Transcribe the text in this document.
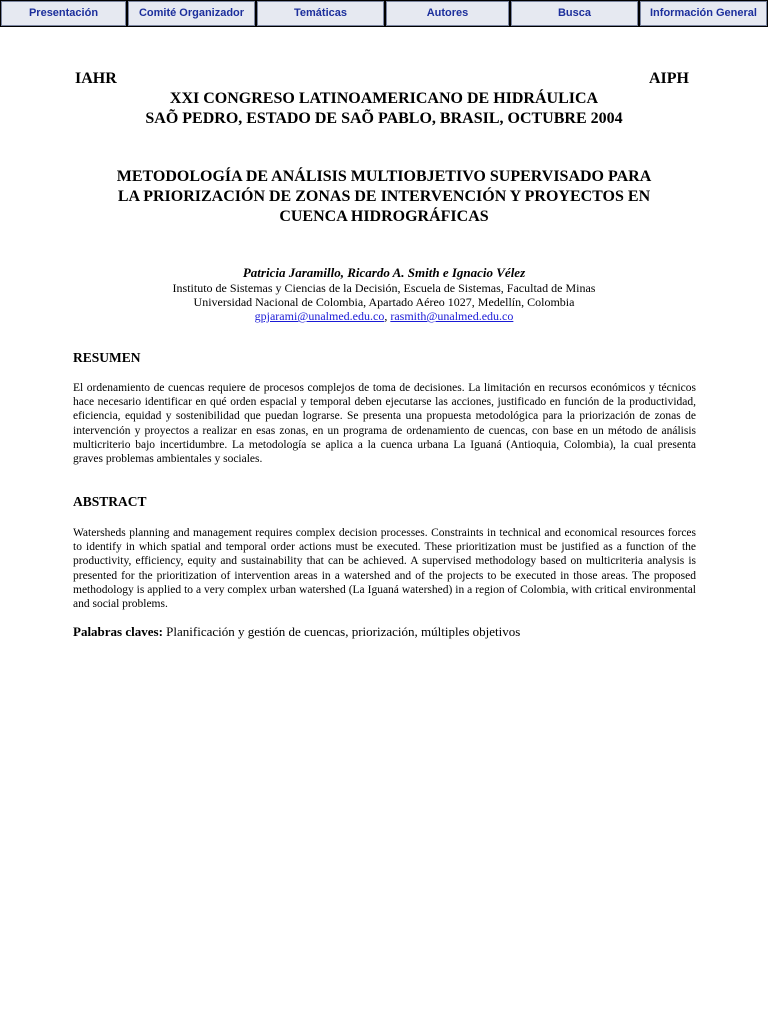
Presentación	Comité Organizador	Temáticas	Autores	Busca	Información General
IAHR	AIPH
XXI CONGRESO LATINOAMERICANO DE HIDRÁULICA
SAÕ PEDRO, ESTADO DE SAÕ PABLO, BRASIL, OCTUBRE 2004
METODOLOGÍA DE ANÁLISIS MULTIOBJETIVO SUPERVISADO PARA
LA PRIORIZACIÓN DE ZONAS DE INTERVENCIÓN Y PROYECTOS EN
CUENCA HIDROGRÁFICAS
Patricia Jaramillo, Ricardo A. Smith e Ignacio Vélez
Instituto de Sistemas y Ciencias de la Decisión, Escuela de Sistemas, Facultad de Minas
Universidad Nacional de Colombia, Apartado Aéreo 1027, Medellín, Colombia
gpjarami@unalmed.edu.co, rasmith@unalmed.edu.co
RESUMEN
El ordenamiento de cuencas requiere de procesos complejos de toma de decisiones. La limitación en recursos económicos y técnicos hace necesario identificar en qué orden espacial y temporal deben ejecutarse las acciones, justificado en función de la productividad, eficiencia, equidad y sostenibilidad que puedan lograrse. Se presenta una propuesta metodológica para la priorización de zonas de intervención y proyectos a realizar en esas zonas, en un programa de ordenamiento de cuencas, con base en un método de análisis multicriterio bajo incertidumbre. La metodología se aplica a la cuenca urbana La Iguaná (Antioquia, Colombia), la cual presenta graves problemas ambientales y sociales.
ABSTRACT
Watersheds planning and management requires complex decision processes. Constraints in technical and economical resources forces to identify in which spatial and temporal order actions must be executed. These prioritization must be justified as a function of the productivity, efficiency, equity and sustainability that can be achieved. A supervised methodology based on multicriteria analysis is presented for the prioritization of intervention areas in a watershed and of the projects to be executed in those areas. The proposed methodology is applied to a very complex urban watershed (La Iguaná watershed) in a region of Colombia, with critical environmental and social problems.
Palabras claves: Planificación y gestión de cuencas, priorización, múltiples objetivos
